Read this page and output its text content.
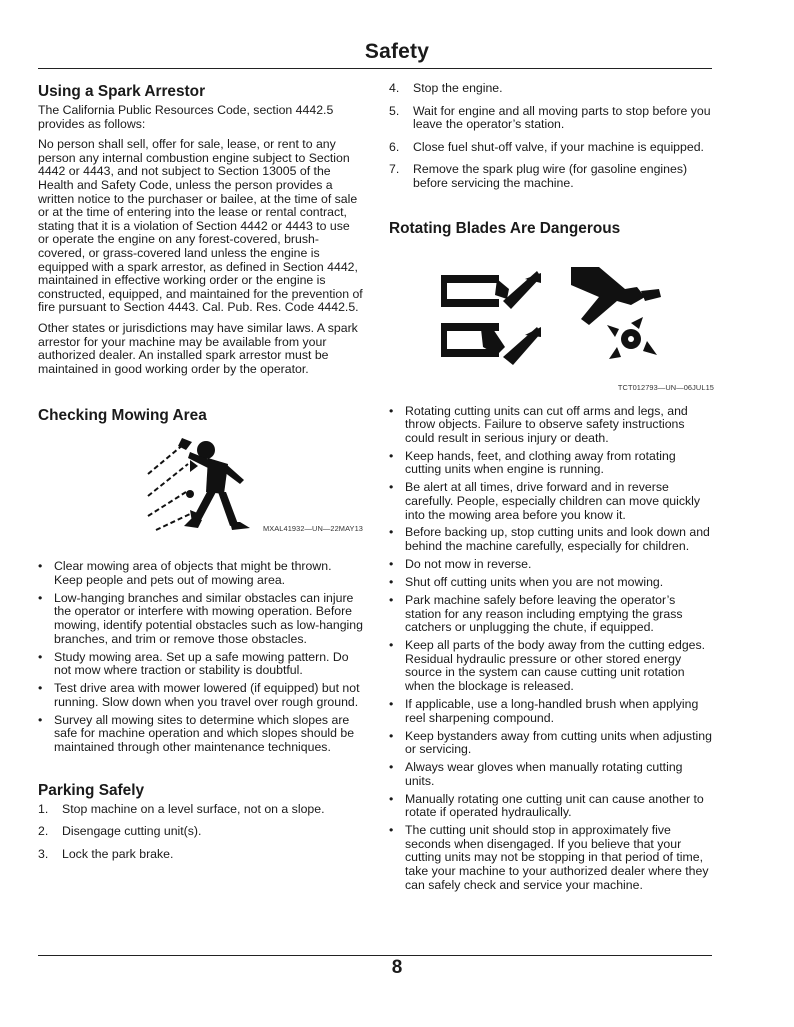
Safety
Using a Spark Arrestor

The California Public Resources Code, section 4442.5 provides as follows:

No person shall sell, offer for sale, lease, or rent to any person any internal combustion engine subject to Section 4442 or 4443, and not subject to Section 13005 of the Health and Safety Code, unless the person provides a written notice to the purchaser or bailee, at the time of sale or at the time of entering into the lease or rental contract, stating that it is a violation of Section 4442 or 4443 to use or operate the engine on any forest-covered, brush-covered, or grass-covered land unless the engine is equipped with a spark arrestor, as defined in Section 4442, maintained in effective working order or the engine is constructed, equipped, and maintained for the prevention of fire pursuant to Section 4443. Cal. Pub. Res. Code 4442.5.

Other states or jurisdictions may have similar laws. A spark arrestor for your machine may be available from your authorized dealer. An installed spark arrestor must be maintained in good working order by the operator.

Checking Mowing Area
MXAL41932—UN—22MAY13
• Clear mowing area of objects that might be thrown. Keep people and pets out of mowing area.
• Low-hanging branches and similar obstacles can injure the operator or interfere with mowing operation. Before mowing, identify potential obstacles such as low-hanging branches, and trim or remove those obstacles.
• Study mowing area. Set up a safe mowing pattern. Do not mow where traction or stability is doubtful.
• Test drive area with mower lowered (if equipped) but not running. Slow down when you travel over rough ground.
• Survey all mowing sites to determine which slopes are safe for machine operation and which slopes should be maintained through other maintenance techniques.
Parking Safely
1. Stop machine on a level surface, not on a slope.
2. Disengage cutting unit(s).
3. Lock the park brake.
4. Stop the engine.
5. Wait for engine and all moving parts to stop before you leave the operator’s station.
6. Close fuel shut-off valve, if your machine is equipped.
7. Remove the spark plug wire (for gasoline engines) before servicing the machine.
Rotating Blades Are Dangerous
TCT012793—UN—06JUL15
• Rotating cutting units can cut off arms and legs, and throw objects. Failure to observe safety instructions could result in serious injury or death.
• Keep hands, feet, and clothing away from rotating cutting units when engine is running.
• Be alert at all times, drive forward and in reverse carefully. People, especially children can move quickly into the mowing area before you know it.
• Before backing up, stop cutting units and look down and behind the machine carefully, especially for children.
• Do not mow in reverse.
• Shut off cutting units when you are not mowing.
• Park machine safely before leaving the operator’s station for any reason including emptying the grass catchers or unplugging the chute, if equipped.
• Keep all parts of the body away from the cutting edges. Residual hydraulic pressure or other stored energy source in the system can cause cutting unit rotation when the blockage is released.
• If applicable, use a long-handled brush when applying reel sharpening compound.
• Keep bystanders away from cutting units when adjusting or servicing.
• Always wear gloves when manually rotating cutting units.
• Manually rotating one cutting unit can cause another to rotate if operated hydraulically.
• The cutting unit should stop in approximately five seconds when disengaged. If you believe that your cutting units may not be stopping in that period of time, take your machine to your authorized dealer where they can safely check and service your machine.
8
